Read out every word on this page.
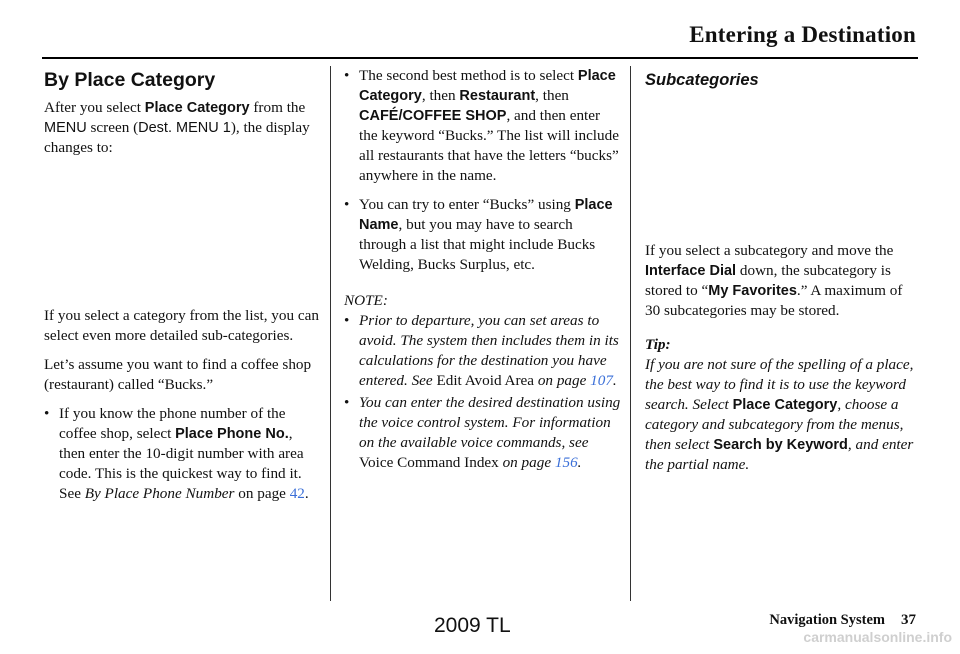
Entering a Destination
By Place Category

After you select Place Category from the MENU screen (Dest. MENU 1), the display changes to:

If you select a category from the list, you can select even more detailed sub-categories.

Let’s assume you want to find a coffee shop (restaurant) called “Bucks.”

• If you know the phone number of the coffee shop, select Place Phone No., then enter the 10-digit number with area code. This is the quickest way to find it. See By Place Phone Number on page 42.
• The second best method is to select Place Category, then Restaurant, then CAFÉ/COFFEE SHOP, and then enter the keyword “Bucks.” The list will include all restaurants that have the letters “bucks” anywhere in the name.
• You can try to enter “Bucks” using Place Name, but you may have to search through a list that might include Bucks Welding, Bucks Surplus, etc.

NOTE:

• Prior to departure, you can set areas to avoid. The system then includes them in its calculations for the destination you have entered. See Edit Avoid Area on page 107.
• You can enter the desired destination using the voice control system. For information on the available voice commands, see Voice Command Index on page 156.
Subcategories

If you select a subcategory and move the Interface Dial down, the subcategory is stored to “My Favorites.” A maximum of 30 subcategories may be stored.

Tip:

If you are not sure of the spelling of a place, the best way to find it is to use the keyword search. Select Place Category, choose a category and subcategory from the menus, then select Search by Keyword, and enter the partial name.

Navigation System 37
2009 TL	carmanualsonline.info
